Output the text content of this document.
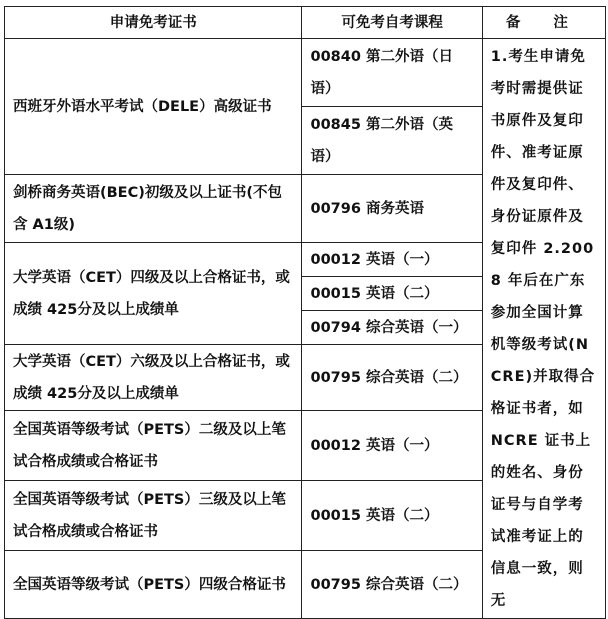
申请免考证书	可免考自考课程	备 注
西班牙外语水平考试（DELE）高级证书	00840 第二外语（日语）	1.考生申请免考时需提供证书原件及复印件、准考证原件及复印件、身份证原件及复印件 2.2008 年后在广东参加全国计算机等级考试(NCRE)并取得合格证书者，如 NCRE 证书上的姓名、身份证号与自学考试准考证上的信息一致，则无
	00845 第二外语（英语）	
剑桥商务英语(BEC)初级及以上证书(不包含 A1级)	00796 商务英语	
大学英语（CET）四级及以上合格证书，或成绩 425分及以上成绩单	00012 英语（一）	
	00015 英语（二）	
	00794 综合英语（一）	
大学英语（CET）六级及以上合格证书，或成绩 425分及以上成绩单	00795 综合英语（二）	
全国英语等级考试（PETS）二级及以上笔试合格成绩或合格证书	00012 英语（一）	
全国英语等级考试（PETS）三级及以上笔试合格成绩或合格证书	00015 英语（二）	
全国英语等级考试（PETS）四级合格证书	00795 综合英语（二）	
